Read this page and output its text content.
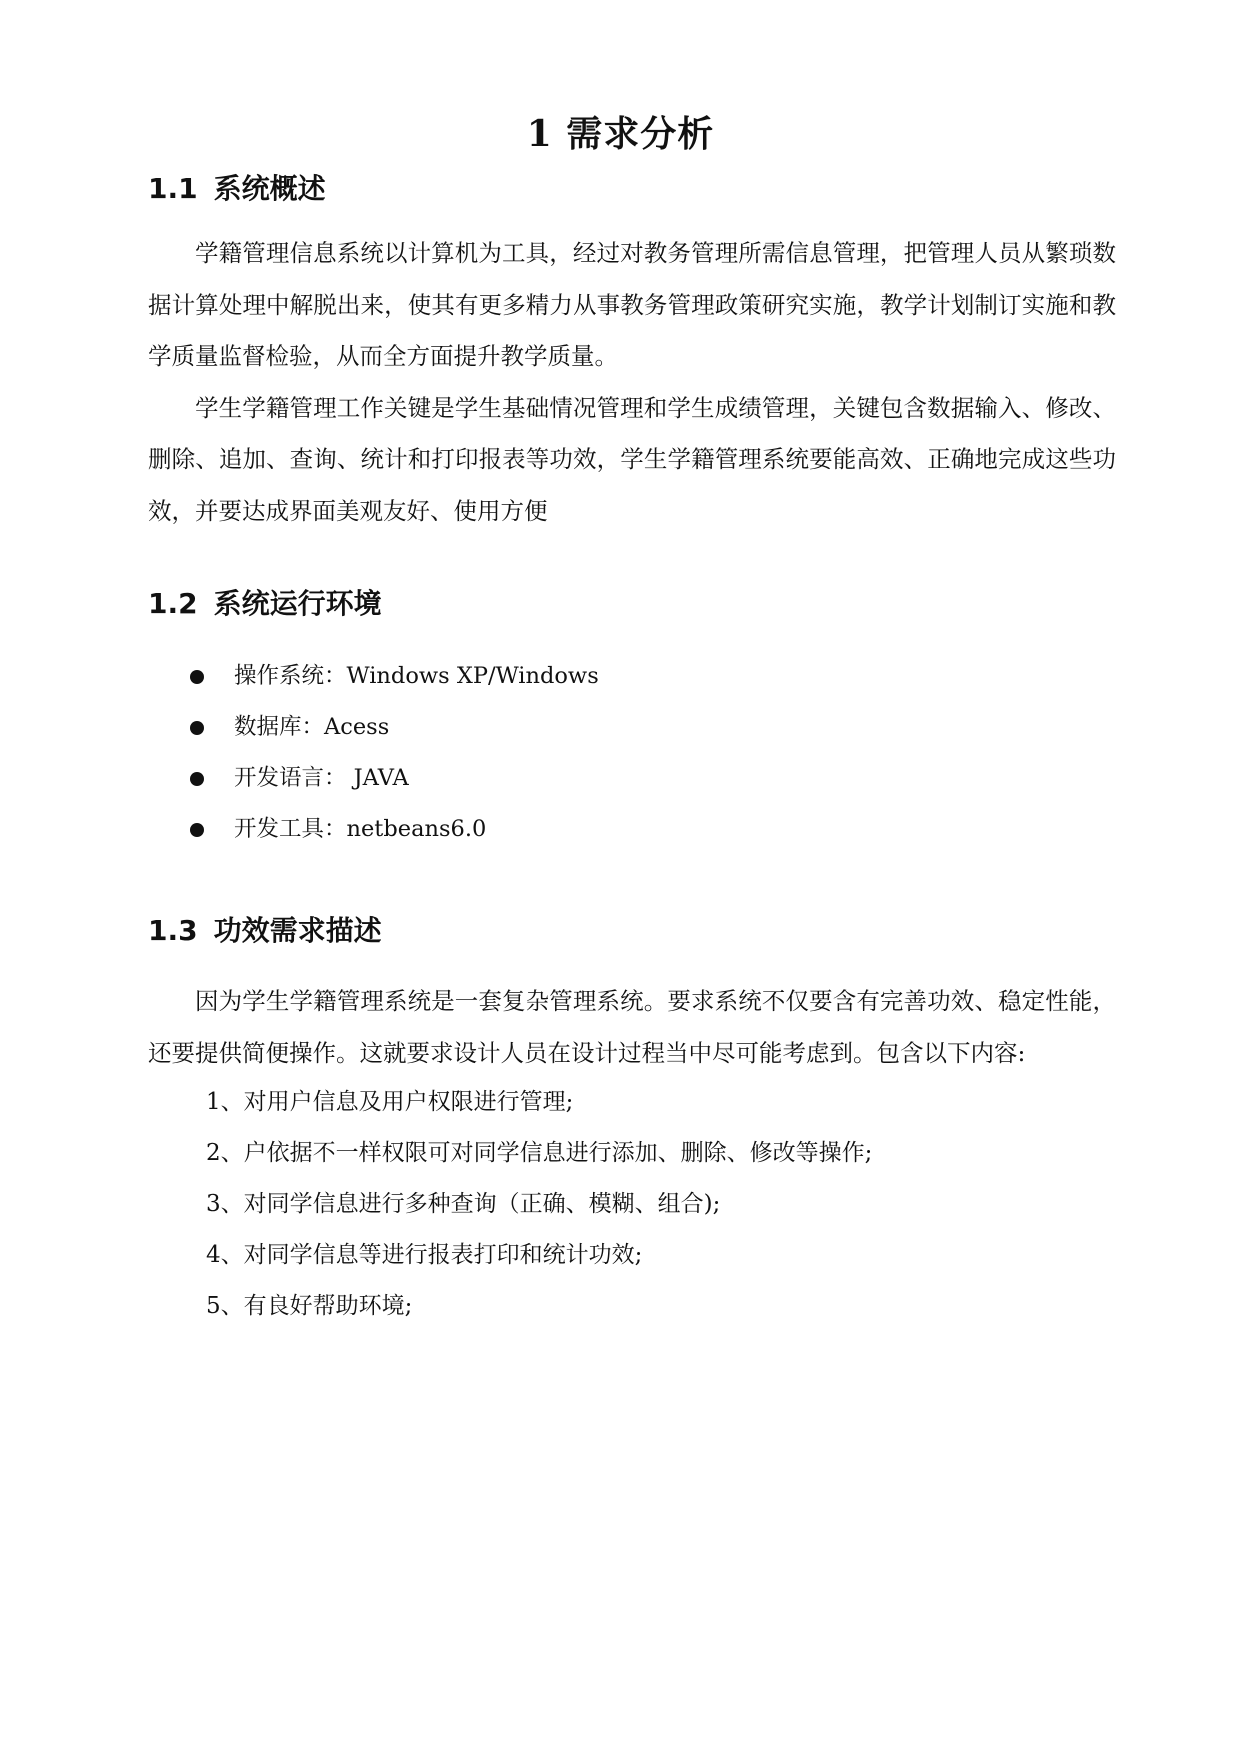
1 需求分析
1.1 系统概述

学籍管理信息系统以计算机为工具，经过对教务管理所需信息管理，把管理人员从繁琐数据计算处理中解脱出来，使其有更多精力从事教务管理政策研究实施，教学计划制订实施和教学质量监督检验，从而全方面提升教学质量。

学生学籍管理工作关键是学生基础情况管理和学生成绩管理，关键包含数据输入、修改、删除、追加、查询、统计和打印报表等功效，学生学籍管理系统要能高效、正确地完成这些功效，并要达成界面美观友好、使用方便

1.2 系统运行环境
操作系统：Windows XP/Windows
数据库：Acess
开发语言： JAVA
开发工具：netbeans6.0
1.3 功效需求描述

因为学生学籍管理系统是一套复杂管理系统。要求系统不仅要含有完善功效、稳定性能，还要提供简便操作。这就要求设计人员在设计过程当中尽可能考虑到。包含以下内容:

1、对用户信息及用户权限进行管理;
2、户依据不一样权限可对同学信息进行添加、删除、修改等操作;
3、对同学信息进行多种查询（正确、模糊、组合);
4、对同学信息等进行报表打印和统计功效;
5、有良好帮助环境;
